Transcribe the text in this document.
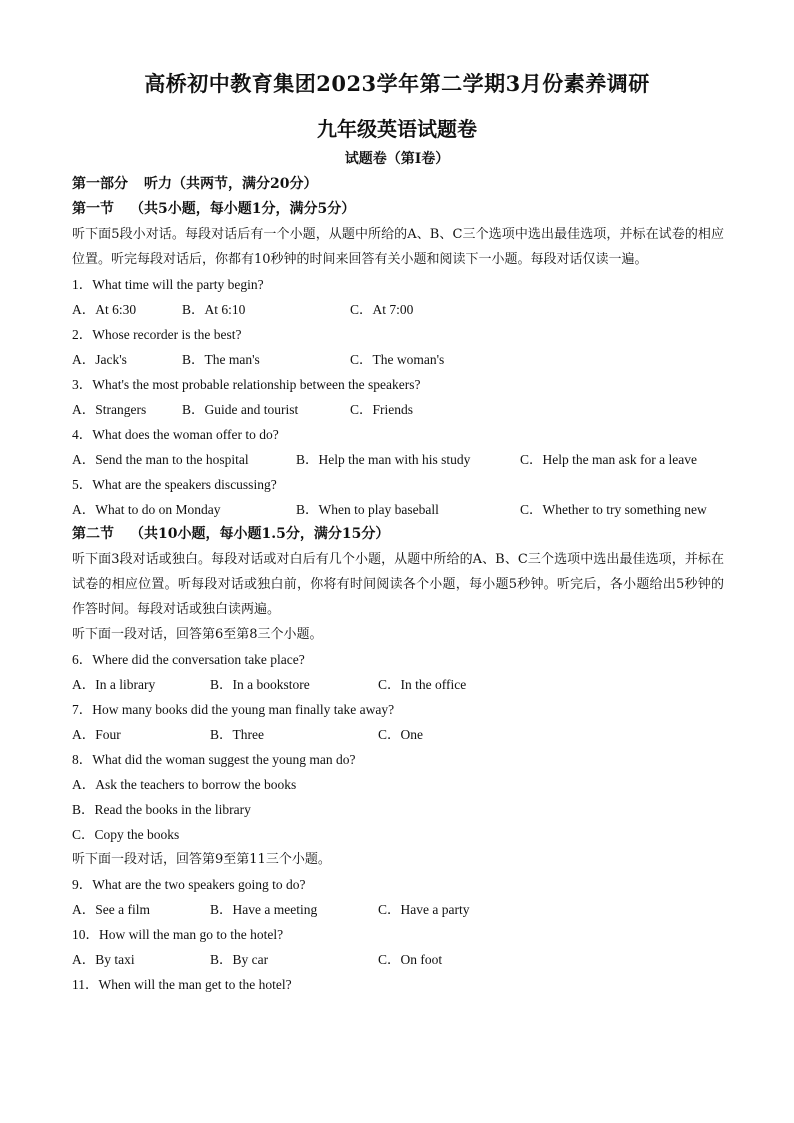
高桥初中教育集团2023学年第二学期3月份素养调研
九年级英语试题卷
试题卷（第Ⅰ卷）
第一部分 听力（共两节，满分20分）
第一节 （共5小题，每小题1分，满分5分）
听下面5段小对话。每段对话后有一个小题，从题中所给的A、B、C三个选项中选出最佳选项，并标在试卷的相应位置。听完每段对话后，你都有10秒钟的时间来回答有关小题和阅读下一小题。每段对话仅读一遍。
1．What time will the party begin?
A．At 6:30	B．At 6:10	C．At 7:00
2．Whose recorder is the best?
A．Jack's	B．The man's	C．The woman's
3．What's the most probable relationship between the speakers?
A．Strangers	B．Guide and tourist	C．Friends
4．What does the woman offer to do?
A．Send the man to the hospital	B．Help the man with his study	C．Help the man ask for a leave
5．What are the speakers discussing?
A．What to do on Monday	B．When to play baseball	C．Whether to try something new
第二节 （共10小题，每小题1.5分，满分15分）
听下面3段对话或独白。每段对话或对白后有几个小题，从题中所给的A、B、C三个选项中选出最佳选项，并标在试卷的相应位置。听每段对话或独白前，你将有时间阅读各个小题，每小题5秒钟。听完后，各小题给出5秒钟的作答时间。每段对话或独白读两遍。
听下面一段对话，回答第6至第8三个小题。
6．Where did the conversation take place?
A．In a library	B．In a bookstore	C．In the office
7．How many books did the young man finally take away?
A．Four	B．Three	C．One
8．What did the woman suggest the young man do?
A．Ask the teachers to borrow the books
B．Read the books in the library
C．Copy the books
听下面一段对话，回答第9至第11三个小题。
9．What are the two speakers going to do?
A．See a film	B．Have a meeting	C．Have a party
10．How will the man go to the hotel?
A．By taxi	B．By car	C．On foot
11．When will the man get to the hotel?
